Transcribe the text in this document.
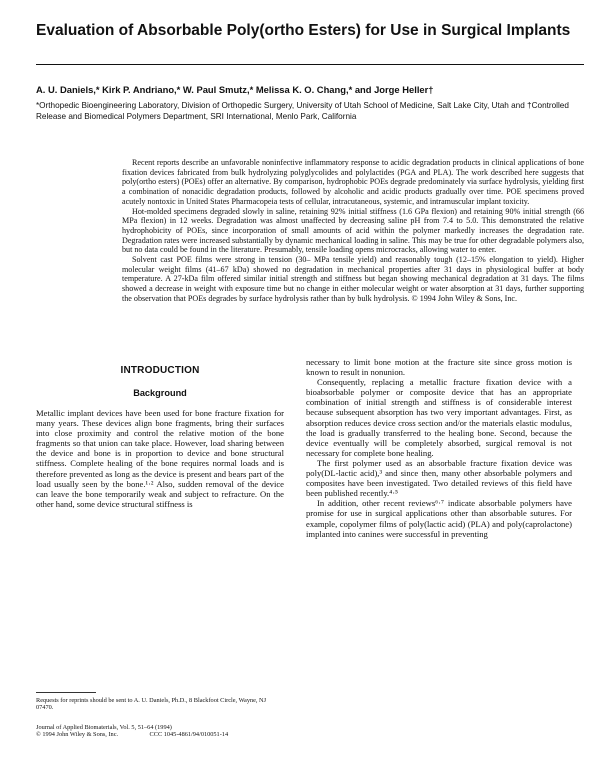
Evaluation of Absorbable Poly(ortho Esters) for Use in Surgical Implants
A. U. Daniels,* Kirk P. Andriano,* W. Paul Smutz,* Melissa K. O. Chang,* and Jorge Heller†
*Orthopedic Bioengineering Laboratory, Division of Orthopedic Surgery, University of Utah School of Medicine, Salt Lake City, Utah and †Controlled Release and Biomedical Polymers Department, SRI International, Menlo Park, California

Recent reports describe an unfavorable noninfective inflammatory response to acidic degradation products in clinical applications of bone fixation devices fabricated from bulk hydrolyzing polyglycolides and polylactides (PGA and PLA). The work described here suggests that poly(ortho esters) (POEs) offer an alternative. By comparison, hydrophobic POEs degrade predominately via surface hydrolysis, yielding first a combination of nonacidic degradation products, followed by alcoholic and acidic products gradually over time. POE specimens proved acutely nontoxic in United States Pharmacopeia tests of cellular, intracutaneous, systemic, and intramuscular implant toxicity.

Hot-molded specimens degraded slowly in saline, retaining 92% initial stiffness (1.6 GPa flexion) and retaining 90% initial strength (66 MPa flexion) in 12 weeks. Degradation was almost unaffected by decreasing saline pH from 7.4 to 5.0. This demonstrated the relative hydrophobicity of POEs, since incorporation of small amounts of acid within the polymer markedly increases the degradation rate. Degradation rates were increased substantially by dynamic mechanical loading in saline. This may be true for other degradable polymers also, but no data could be found in the literature. Presumably, tensile loading opens microcracks, allowing water to enter.

Solvent cast POE films were strong in tension (30– MPa tensile yield) and reasonably tough (12–15% elongation to yield). Higher molecular weight films (41–67 kDa) showed no degradation in mechanical properties after 31 days in physiological buffer at body temperature. A 27-kDa film offered similar initial strength and stiffness but began showing mechanical degradation at 31 days. The films showed a decrease in weight with exposure time but no change in either molecular weight or water absorption at 31 days, further supporting the observation that POEs degrades by surface hydrolysis rather than by bulk hydrolysis. © 1994 John Wiley & Sons, Inc.

INTRODUCTION
Background

Metallic implant devices have been used for bone fracture fixation for many years. These devices align bone fragments, bring their surfaces into close proximity and control the relative motion of the bone fragments so that union can take place. However, load sharing between the device and bone is in proportion to device and bone structural stiffness. Complete healing of the bone requires normal loads and is therefore prevented as long as the device is present and bears part of the load usually seen by the bone.¹·² Also, sudden removal of the device can leave the bone temporarily weak and subject to refracture. On the other hand, some device structural stiffness is

necessary to limit bone motion at the fracture site since gross motion is known to result in nonunion.

Consequently, replacing a metallic fracture fixation device with a bioabsorbable polymer or composite device that has an appropriate combination of initial strength and stiffness is of considerable interest because subsequent absorption has two very important advantages. First, as absorption reduces device cross section and/or the materials elastic modulus, the load is gradually transferred to the healing bone. Second, because the device eventually will be completely absorbed, surgical removal is not necessary for complete bone healing.

The first polymer used as an absorbable fracture fixation device was poly(DL-lactic acid),³ and since then, many other absorbable polymers and composites have been investigated. Two detailed reviews of this field have been published recently.⁴·⁵

In addition, other recent reviews⁶·⁷ indicate absorbable polymers have promise for use in surgical applications other than absorbable sutures. For example, copolymer films of poly(lactic acid) (PLA) and poly(caprolactone) implanted into canines were successful in preventing

Requests for reprints should be sent to A. U. Daniels, Ph.D., 8 Blackfoot Circle, Wayne, NJ 07470.
Journal of Applied Biomaterials, Vol. 5, 51–64 (1994)
© 1994 John Wiley & Sons, Inc.                    CCC 1045-4861/94/010051-14
